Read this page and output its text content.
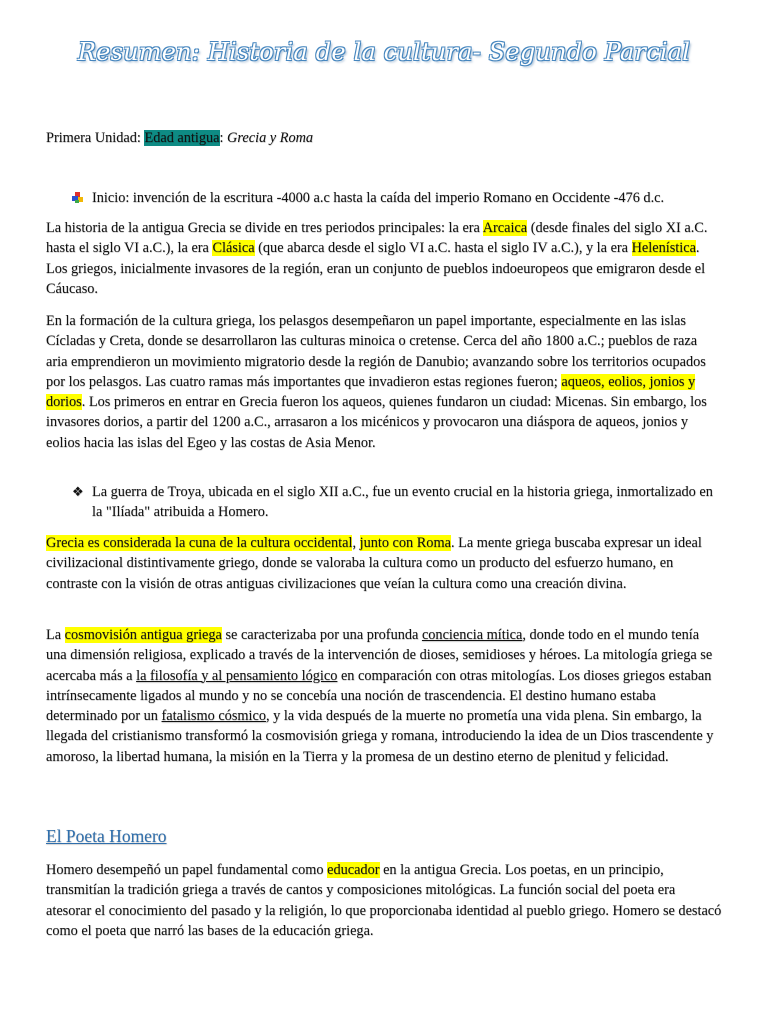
Resumen: Historia de la cultura- Segundo Parcial

Primera Unidad: Edad antigua: Grecia y Roma

Inicio: invención de la escritura -4000 a.c hasta la caída del imperio Romano en Occidente -476 d.c.

La historia de la antigua Grecia se divide en tres periodos principales: la era Arcaica (desde finales del siglo XI a.C. hasta el siglo VI a.C.), la era Clásica (que abarca desde el siglo VI a.C. hasta el siglo IV a.C.), y la era Helenística. Los griegos, inicialmente invasores de la región, eran un conjunto de pueblos indoeuropeos que emigraron desde el Cáucaso.

En la formación de la cultura griega, los pelasgos desempeñaron un papel importante, especialmente en las islas Cícladas y Creta, donde se desarrollaron las culturas minoica o cretense. Cerca del año 1800 a.C.; pueblos de raza aria emprendieron un movimiento migratorio desde la región de Danubio; avanzando sobre los territorios ocupados por los pelasgos. Las cuatro ramas más importantes que invadieron estas regiones fueron; aqueos, eolios, jonios y dorios. Los primeros en entrar en Grecia fueron los aqueos, quienes fundaron un ciudad: Micenas. Sin embargo, los invasores dorios, a partir del 1200 a.C., arrasaron a los micénicos y provocaron una diáspora de aqueos, jonios y eolios hacia las islas del Egeo y las costas de Asia Menor.

❖ La guerra de Troya, ubicada en el siglo XII a.C., fue un evento crucial en la historia griega, inmortalizado en la "Ilíada" atribuida a Homero.

Grecia es considerada la cuna de la cultura occidental, junto con Roma. La mente griega buscaba expresar un ideal civilizacional distintivamente griego, donde se valoraba la cultura como un producto del esfuerzo humano, en contraste con la visión de otras antiguas civilizaciones que veían la cultura como una creación divina.

La cosmovisión antigua griega se caracterizaba por una profunda conciencia mítica, donde todo en el mundo tenía una dimensión religiosa, explicado a través de la intervención de dioses, semidioses y héroes. La mitología griega se acercaba más a la filosofía y al pensamiento lógico en comparación con otras mitologías. Los dioses griegos estaban intrínsecamente ligados al mundo y no se concebía una noción de trascendencia. El destino humano estaba determinado por un fatalismo cósmico, y la vida después de la muerte no prometía una vida plena. Sin embargo, la llegada del cristianismo transformó la cosmovisión griega y romana, introduciendo la idea de un Dios trascendente y amoroso, la libertad humana, la misión en la Tierra y la promesa de un destino eterno de plenitud y felicidad.

El Poeta Homero

Homero desempeñó un papel fundamental como educador en la antigua Grecia. Los poetas, en un principio, transmitían la tradición griega a través de cantos y composiciones mitológicas. La función social del poeta era atesorar el conocimiento del pasado y la religión, lo que proporcionaba identidad al pueblo griego. Homero se destacó como el poeta que narró las bases de la educación griega.
